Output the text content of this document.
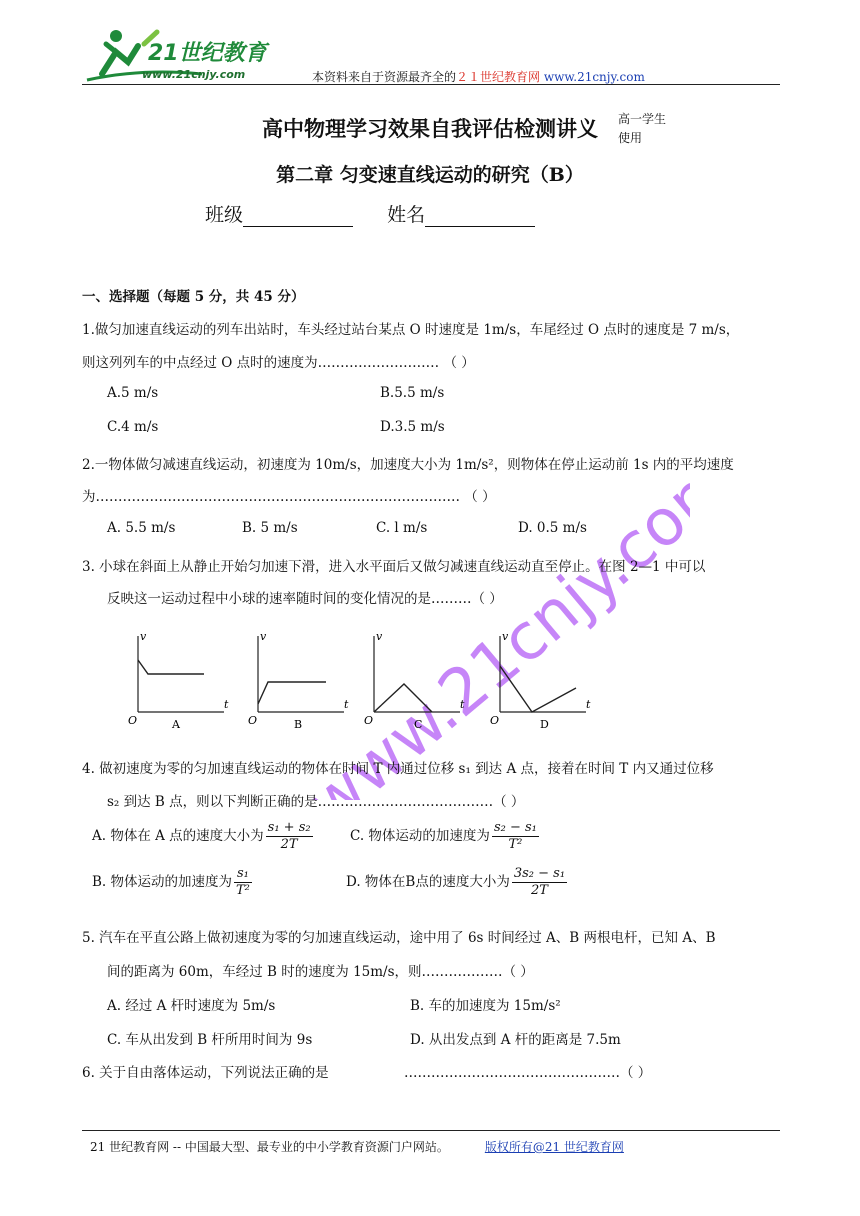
21世纪教育
www.21cnjy.com	本资料来自于资源最齐全的２１世纪教育网 www.21cnjy.com
高中物理学习效果自我评估检测讲义	高一学生使用
第二章 匀变速直线运动的研究（B）
班级	姓名
www.21cnjy.com
一、选择题（每题 5 分，共 45 分）
1.做匀加速直线运动的列车出站时，车头经过站台某点 O 时速度是 1m/s，车尾经过 O 点时的速度是 7 m/s，
则这列列车的中点经过 O 点时的速度为……………………… （ ）
A.5 m/s	B.5.5 m/s
C.4 m/s	D.3.5 m/s
2.一物体做匀减速直线运动，初速度为 10m/s，加速度大小为 1m/s²，则物体在停止运动前 1s 内的平均速度
为……………………………………………………………………… （ ）
A. 5.5 m/s	B. 5 m/s	C. l m/s	D. 0.5 m/s
3. 小球在斜面上从静止开始匀加速下滑，进入水平面后又做匀减速直线运动直至停止。在图 2—1 中可以
反映这一运动过程中小球的速率随时间的变化情况的是………（ ）
v
t
O	A
v
t
O	B
v
t
O	C
v
t
O	D
4. 做初速度为零的匀加速直线运动的物体在时间 T 内通过位移 s₁ 到达 A 点，接着在时间 T 内又通过位移
s₂ 到达 B 点，则以下判断正确的是…………………………………（ ）
A. 物体在 A 点的速度大小为 $\frac{\text{s₁ + s₂}}{2T}$	C. 物体运动的加速度为 $\frac{\text{s₂ − s₁}}{\text{T²}}$
B. 物体运动的加速度为 $\frac{\text{s₁}}{\text{T²}}$	D. 物体在B点的速度大小为 $\frac{\text{3s₂ − s₁}}{2T}$
5. 汽车在平直公路上做初速度为零的匀加速直线运动，途中用了 6s 时间经过 A、B 两根电杆，已知 A、B
间的距离为 60m，车经过 B 时的速度为 15m/s，则………………（ ）
A. 经过 A 杆时速度为 5m/s	B. 车的加速度为 15m/s²
C. 车从出发到 B 杆所用时间为 9s	D. 从出发点到 A 杆的距离是 7.5m
6. 关于自由落体运动，下列说法正确的是	…………………………………………（ ）
21 世纪教育网 -- 中国最大型、最专业的中小学教育资源门户网站。	版权所有@21 世纪教育网
